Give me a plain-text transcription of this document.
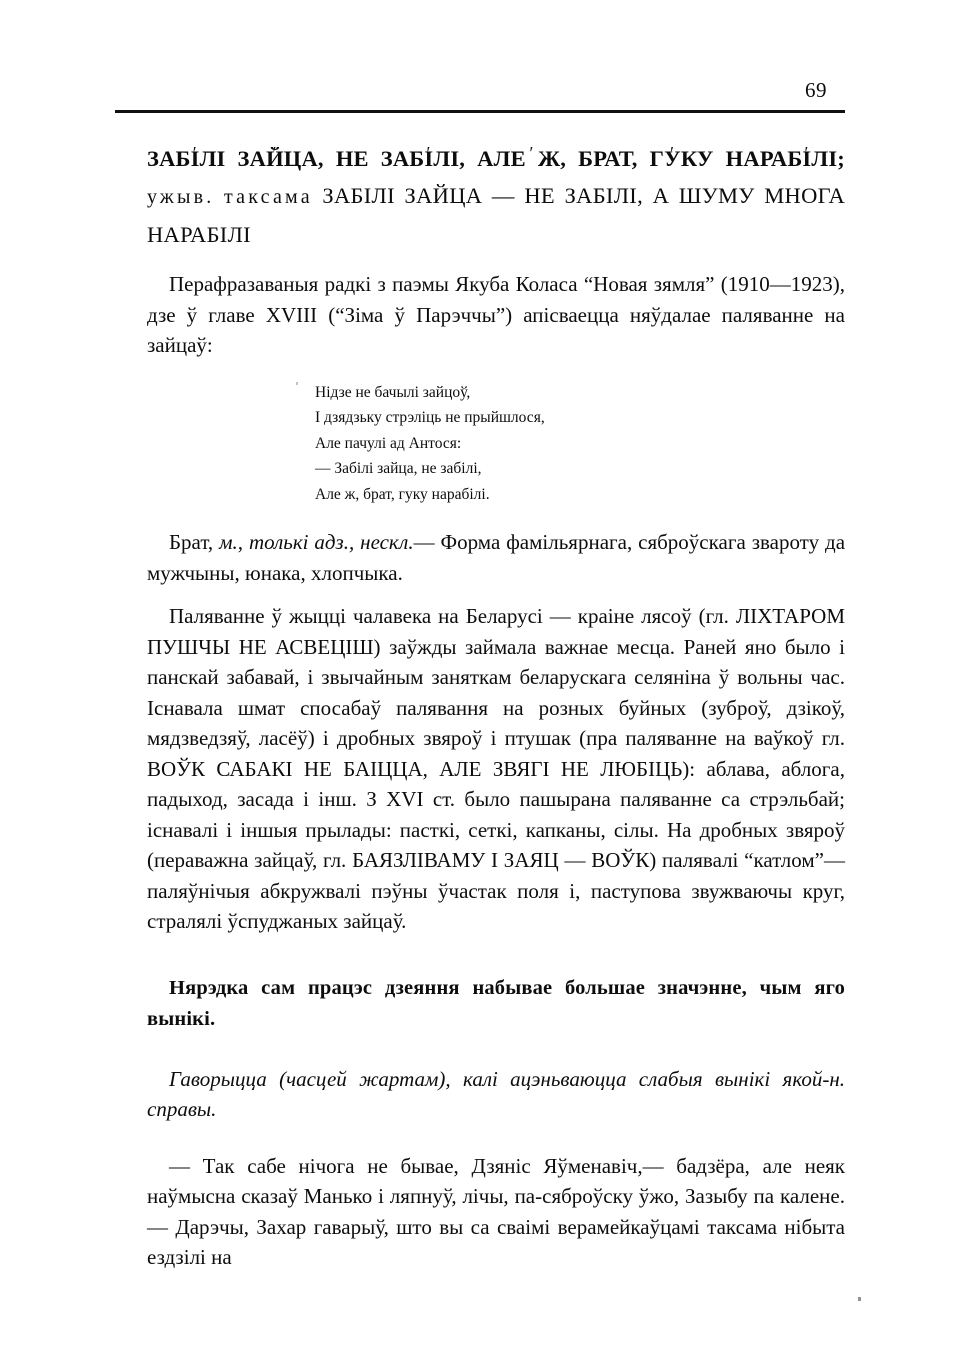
69

ЗАБІ ′ЛІ ЗАЙ ′ЦА, НЕ ЗАБІ ′ЛІ, АЛЕ ′ Ж, БРАТ, ГУ ′КУ НАРАБІ ′ЛІ; ужыв. таксама ЗАБІЛІ ЗАЙЦА — НЕ ЗАБІЛІ, А ШУМУ МНОГА НАРАБІЛІ

Перафразаваныя радкі з паэмы Якуба Коласа “Новая зямля” (1910—1923), дзе ў главе XVIII (“Зіма ў Парэччы”) апісваецца няўдалае паляванне на зайцаў:

Нідзе не бачылі зайцоў,
І дзядзьку стрэліць не прыйшлося,
Але пачулі ад Антося:
— Забілі зайца, не забілі,
Але ж, брат, гуку нарабілі.

Брат, м., толькі адз., нескл.— Форма фамільярнага, сяброўскага звароту да мужчыны, юнака, хлопчыка.

Паляванне ў жыцці чалавека на Беларусі — краіне лясоў (гл. ЛІХТАРОМ ПУШЧЫ НЕ АСВЕЦІШ) заўжды займала важнае месца. Раней яно было і панскай забавай, і звычайным заняткам беларускага селяніна ў вольны час. Існавала шмат спосабаў палявання на розных буйных (зуброў, дзікоў, мядзведзяў, ласёў) і дробных звяроў і птушак (пра паляванне на ваўкоў гл. ВОЎК САБАКІ НЕ БАІЦЦА, АЛЕ ЗВЯГІ НЕ ЛЮБІЦЬ): аблава, аблога, падыход, засада і інш. З XVI ст. было пашырана паляванне са стрэльбай; існавалі і іншыя прылады: пасткі, сеткі, капканы, сілы. На дробных звяроў (пераважна зайцаў, гл. БАЯЗЛІВАМУ І ЗАЯЦ — ВОЎК) палявалі “катлом”— паляўнічыя абкружвалі пэўны ўчастак поля і, паступова звужваючы круг, стралялі ўспуджаных зайцаў.

Нярэдка сам працэс дзеяння набывае большае значэнне, чым яго вынікі.

Гаворыцца (часцей жартам), калі ацэньваюцца слабыя вынікі якой-н. справы.

— Так сабе нічога не бывае, Дзяніс Яўменавіч,— бадзёра, але неяк наўмысна сказаў Манько і ляпнуў, лічы, па-сяброўску ўжо, Зазыбу па калене.— Дарэчы, Захар гаварыў, што вы са сваімі верамейкаўцамі таксама нібыта ездзілі на
